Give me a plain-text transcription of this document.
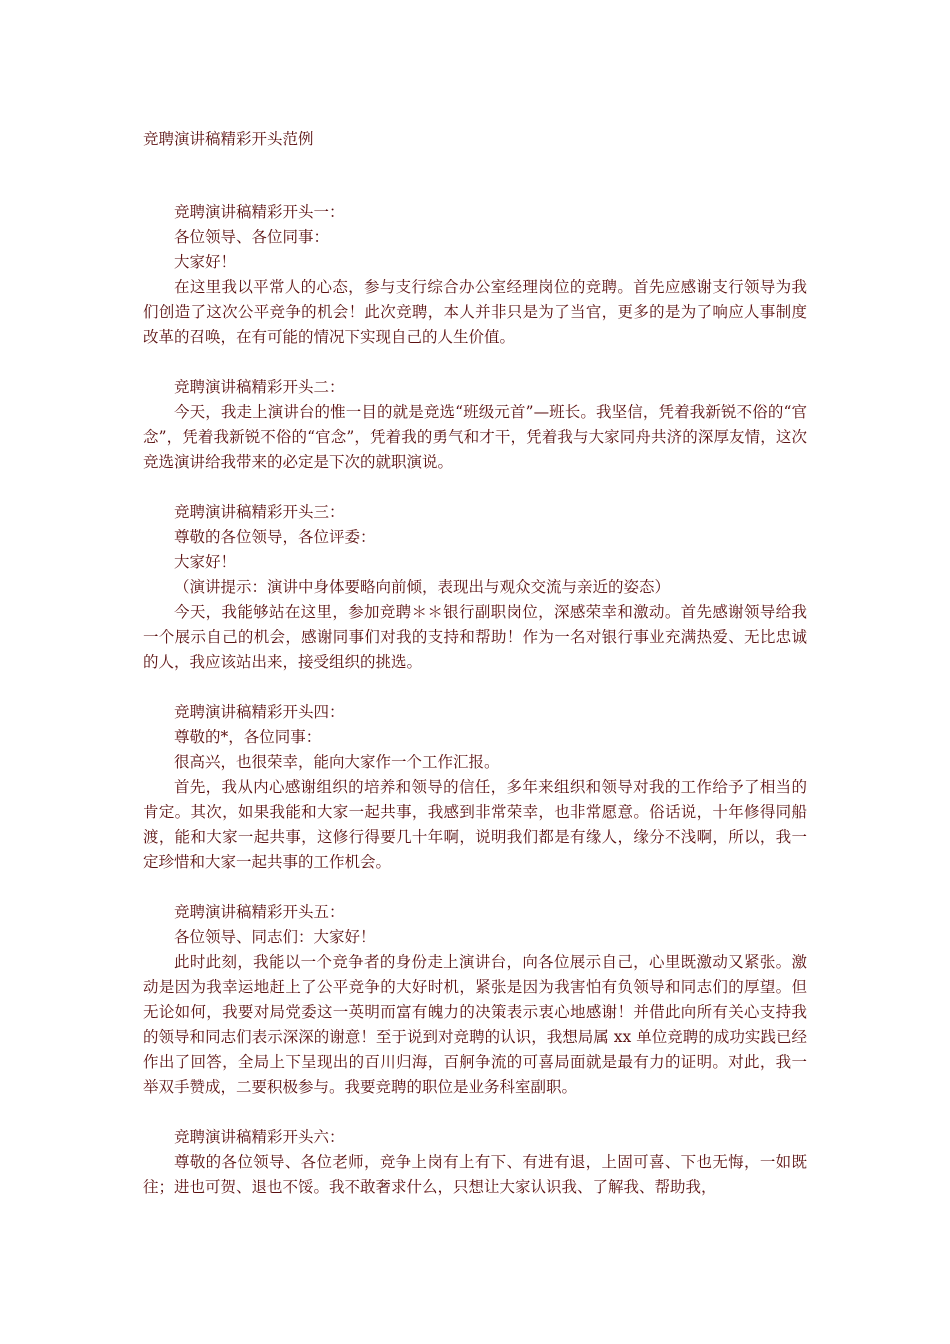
竞聘演讲稿精彩开头范例

竞聘演讲稿精彩开头一：

各位领导、各位同事：

大家好！

在这里我以平常人的心态，参与支行综合办公室经理岗位的竞聘。首先应感谢支行领导为我们创造了这次公平竞争的机会！此次竞聘，本人并非只是为了当官，更多的是为了响应人事制度改革的召唤，在有可能的情况下实现自己的人生价值。

竞聘演讲稿精彩开头二：

今天，我走上演讲台的惟一目的就是竞选“班级元首”—班长。我坚信，凭着我新锐不俗的“官念”，凭着我新锐不俗的“官念”，凭着我的勇气和才干，凭着我与大家同舟共济的深厚友情，这次竞选演讲给我带来的必定是下次的就职演说。

竞聘演讲稿精彩开头三：

尊敬的各位领导，各位评委：

大家好！

（演讲提示：演讲中身体要略向前倾，表现出与观众交流与亲近的姿态）

今天，我能够站在这里，参加竞聘＊＊银行副职岗位，深感荣幸和激动。首先感谢领导给我一个展示自己的机会，感谢同事们对我的支持和帮助！作为一名对银行事业充满热爱、无比忠诚的人，我应该站出来，接受组织的挑选。

竞聘演讲稿精彩开头四：

尊敬的*，各位同事：

很高兴，也很荣幸，能向大家作一个工作汇报。

首先，我从内心感谢组织的培养和领导的信任，多年来组织和领导对我的工作给予了相当的肯定。其次，如果我能和大家一起共事，我感到非常荣幸，也非常愿意。俗话说，十年修得同船渡，能和大家一起共事，这修行得要几十年啊，说明我们都是有缘人，缘分不浅啊，所以，我一定珍惜和大家一起共事的工作机会。

竞聘演讲稿精彩开头五：

各位领导、同志们：大家好！

此时此刻，我能以一个竞争者的身份走上演讲台，向各位展示自己，心里既激动又紧张。激动是因为我幸运地赶上了公平竞争的大好时机，紧张是因为我害怕有负领导和同志们的厚望。但无论如何，我要对局党委这一英明而富有魄力的决策表示衷心地感谢！并借此向所有关心支持我的领导和同志们表示深深的谢意！至于说到对竞聘的认识，我想局属 xx 单位竞聘的成功实践已经作出了回答，全局上下呈现出的百川归海，百舸争流的可喜局面就是最有力的证明。对此，我一举双手赞成，二要积极参与。我要竞聘的职位是业务科室副职。

竞聘演讲稿精彩开头六：

尊敬的各位领导、各位老师，竞争上岗有上有下、有进有退，上固可喜、下也无悔，一如既往；进也可贺、退也不馁。我不敢奢求什么，只想让大家认识我、了解我、帮助我，
